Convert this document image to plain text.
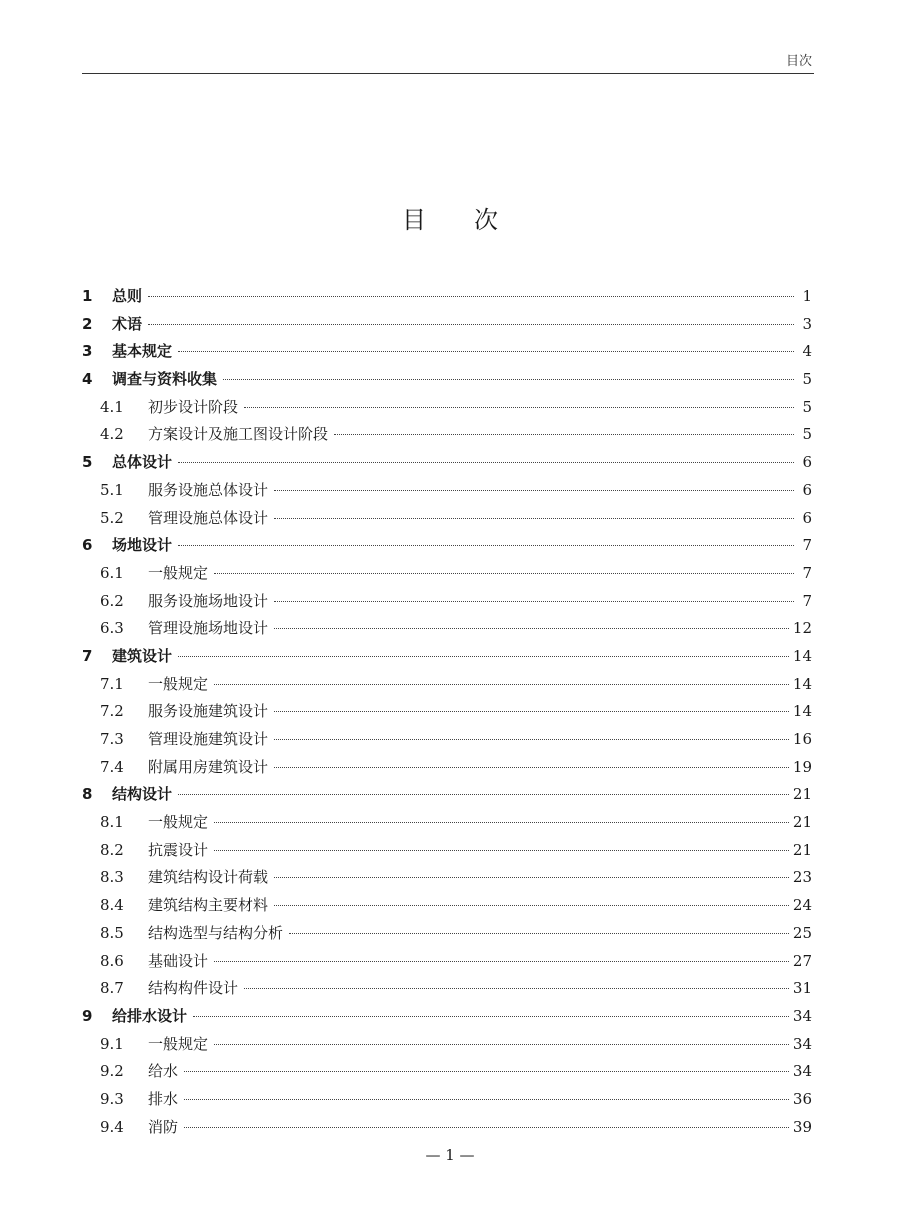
目次
目次
1	总则	1
2	术语	3
3	基本规定	4
4	调查与资料收集	5
4.1	初步设计阶段	5
4.2	方案设计及施工图设计阶段	5
5	总体设计	6
5.1	服务设施总体设计	6
5.2	管理设施总体设计	6
6	场地设计	7
6.1	一般规定	7
6.2	服务设施场地设计	7
6.3	管理设施场地设计	12
7	建筑设计	14
7.1	一般规定	14
7.2	服务设施建筑设计	14
7.3	管理设施建筑设计	16
7.4	附属用房建筑设计	19
8	结构设计	21
8.1	一般规定	21
8.2	抗震设计	21
8.3	建筑结构设计荷载	23
8.4	建筑结构主要材料	24
8.5	结构选型与结构分析	25
8.6	基础设计	27
8.7	结构构件设计	31
9	给排水设计	34
9.1	一般规定	34
9.2	给水	34
9.3	排水	36
9.4	消防	39
— 1 —
